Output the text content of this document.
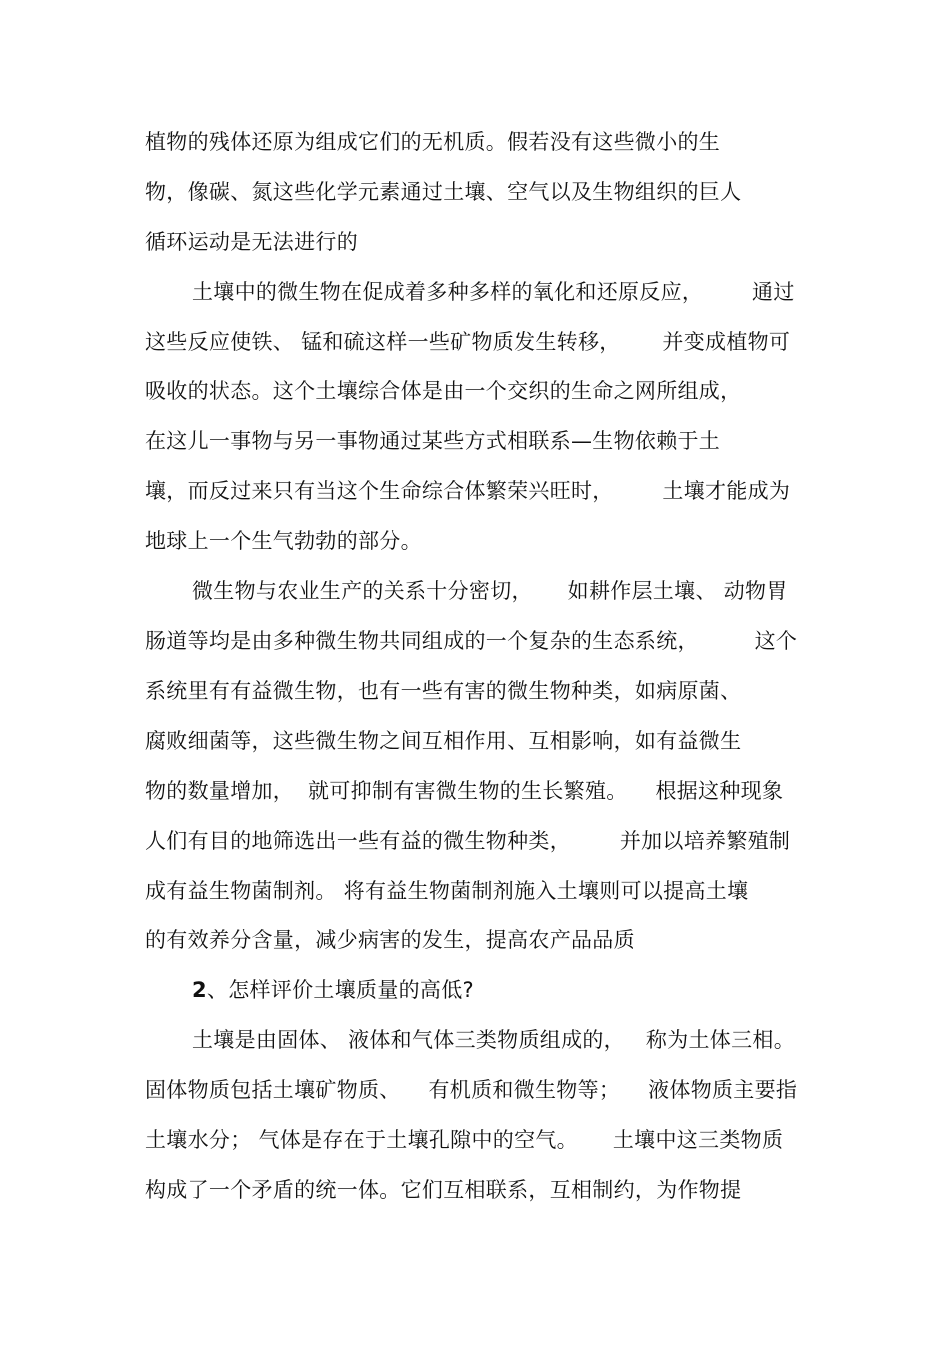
植物的残体还原为组成它们的无机质。假若没有这些微小的生
物，像碳、氮这些化学元素通过土壤、空气以及生物组织的巨人
循环运动是无法进行的
土壤中的微生物在促成着多种多样的氧化和还原反应，       通过
这些反应使铁、 锰和硫这样一些矿物质发生转移，      并变成植物可
吸收的状态。这个土壤综合体是由一个交织的生命之网所组成，
在这儿一事物与另一事物通过某些方式相联系—生物依赖于土
壤，而反过来只有当这个生命综合体繁荣兴旺时，       土壤才能成为
地球上一个生气勃勃的部分。
微生物与农业生产的关系十分密切，     如耕作层土壤、 动物胃
肠道等均是由多种微生物共同组成的一个复杂的生态系统，        这个
系统里有有益微生物，也有一些有害的微生物种类，如病原菌、
腐败细菌等，这些微生物之间互相作用、互相影响，如有益微生
物的数量增加，  就可抑制有害微生物的生长繁殖。    根据这种现象
人们有目的地筛选出一些有益的微生物种类，       并加以培养繁殖制
成有益生物菌制剂。 将有益生物菌制剂施入土壤则可以提高土壤
的有效养分含量，减少病害的发生，提高农产品品质
2、怎样评价土壤质量的高低?
土壤是由固体、 液体和气体三类物质组成的，   称为土体三相。
固体物质包括土壤矿物质、    有机质和微生物等；    液体物质主要指
土壤水分； 气体是存在于土壤孔隙中的空气。     土壤中这三类物质
构成了一个矛盾的统一体。它们互相联系，互相制约，为作物提
